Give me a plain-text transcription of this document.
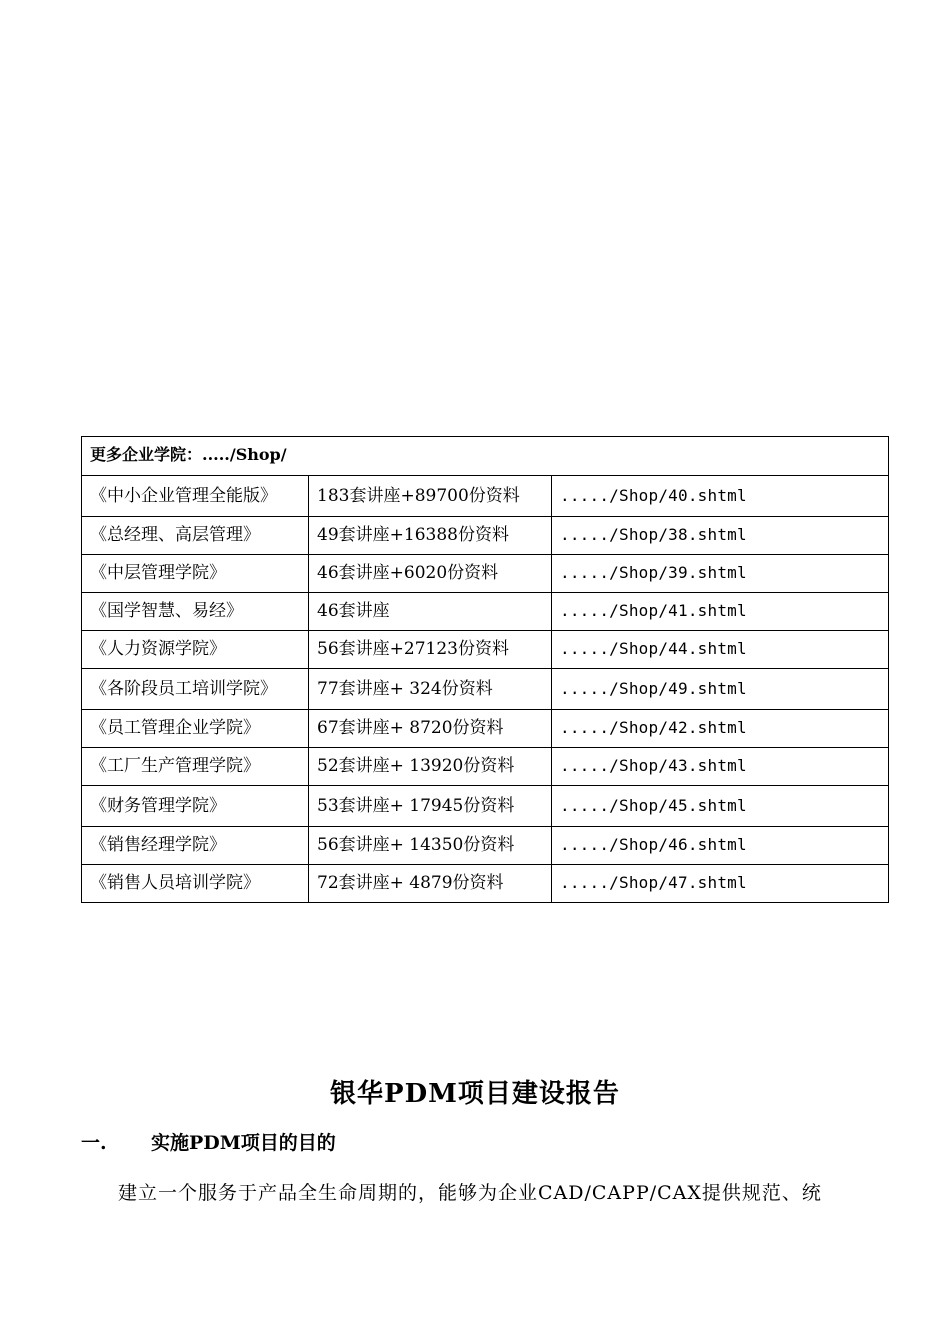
更多企业学院：...../Shop/		
《中小企业管理全能版》	183套讲座+89700份资料	...../Shop/40.shtml
《总经理、高层管理》	49套讲座+16388份资料	...../Shop/38.shtml
《中层管理学院》	46套讲座+6020份资料	...../Shop/39.shtml
《国学智慧、易经》	46套讲座	...../Shop/41.shtml
《人力资源学院》	56套讲座+27123份资料	...../Shop/44.shtml
《各阶段员工培训学院》	77套讲座+ 324份资料	...../Shop/49.shtml
《员工管理企业学院》	67套讲座+ 8720份资料	...../Shop/42.shtml
《工厂生产管理学院》	52套讲座+ 13920份资料	...../Shop/43.shtml
《财务管理学院》	53套讲座+ 17945份资料	...../Shop/45.shtml
《销售经理学院》	56套讲座+ 14350份资料	...../Shop/46.shtml
《销售人员培训学院》	72套讲座+ 4879份资料	...../Shop/47.shtml
银华PDM项目建设报告
一. 实施PDM项目的目的
建立一个服务于产品全生命周期的，能够为企业CAD/CAPP/CAX提供规范、统
